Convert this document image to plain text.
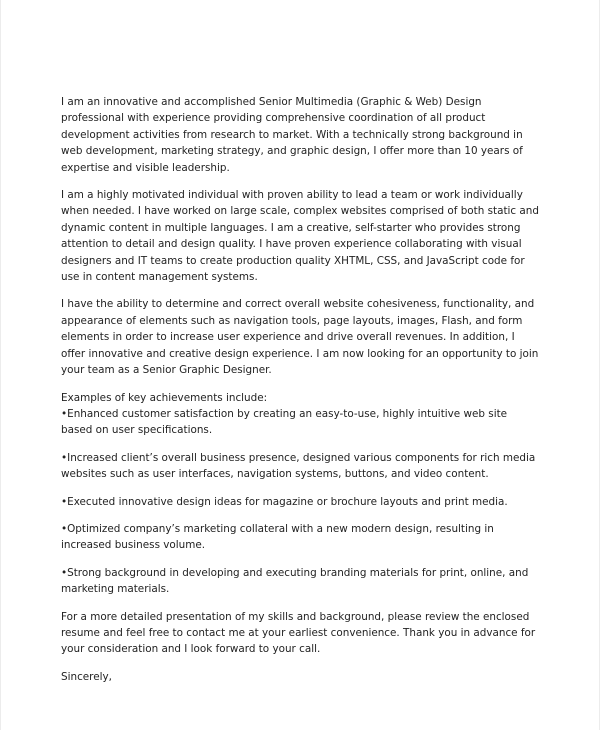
I am an innovative and accomplished Senior Multimedia (Graphic & Web) Design professional with experience providing comprehensive coordination of all product development activities from research to market. With a technically strong background in web development, marketing strategy, and graphic design, I offer more than 10 years of expertise and visible leadership.

I am a highly motivated individual with proven ability to lead a team or work individually when needed. I have worked on large scale, complex websites comprised of both static and dynamic content in multiple languages. I am a creative, self-starter who provides strong attention to detail and design quality. I have proven experience collaborating with visual designers and IT teams to create production quality XHTML, CSS, and JavaScript code for use in content management systems.

I have the ability to determine and correct overall website cohesiveness, functionality, and appearance of elements such as navigation tools, page layouts, images, Flash, and form elements in order to increase user experience and drive overall revenues. In addition, I offer innovative and creative design experience. I am now looking for an opportunity to join your team as a Senior Graphic Designer.

Examples of key achievements include:

•Enhanced customer satisfaction by creating an easy-to-use, highly intuitive web site based on user specifications.

•Increased client’s overall business presence, designed various components for rich media websites such as user interfaces, navigation systems, buttons, and video content.

•Executed innovative design ideas for magazine or brochure layouts and print media.

•Optimized company’s marketing collateral with a new modern design, resulting in increased business volume.

•Strong background in developing and executing branding materials for print, online, and marketing materials.

For a more detailed presentation of my skills and background, please review the enclosed resume and feel free to contact me at your earliest convenience. Thank you in advance for your consideration and I look forward to your call.

Sincerely,
